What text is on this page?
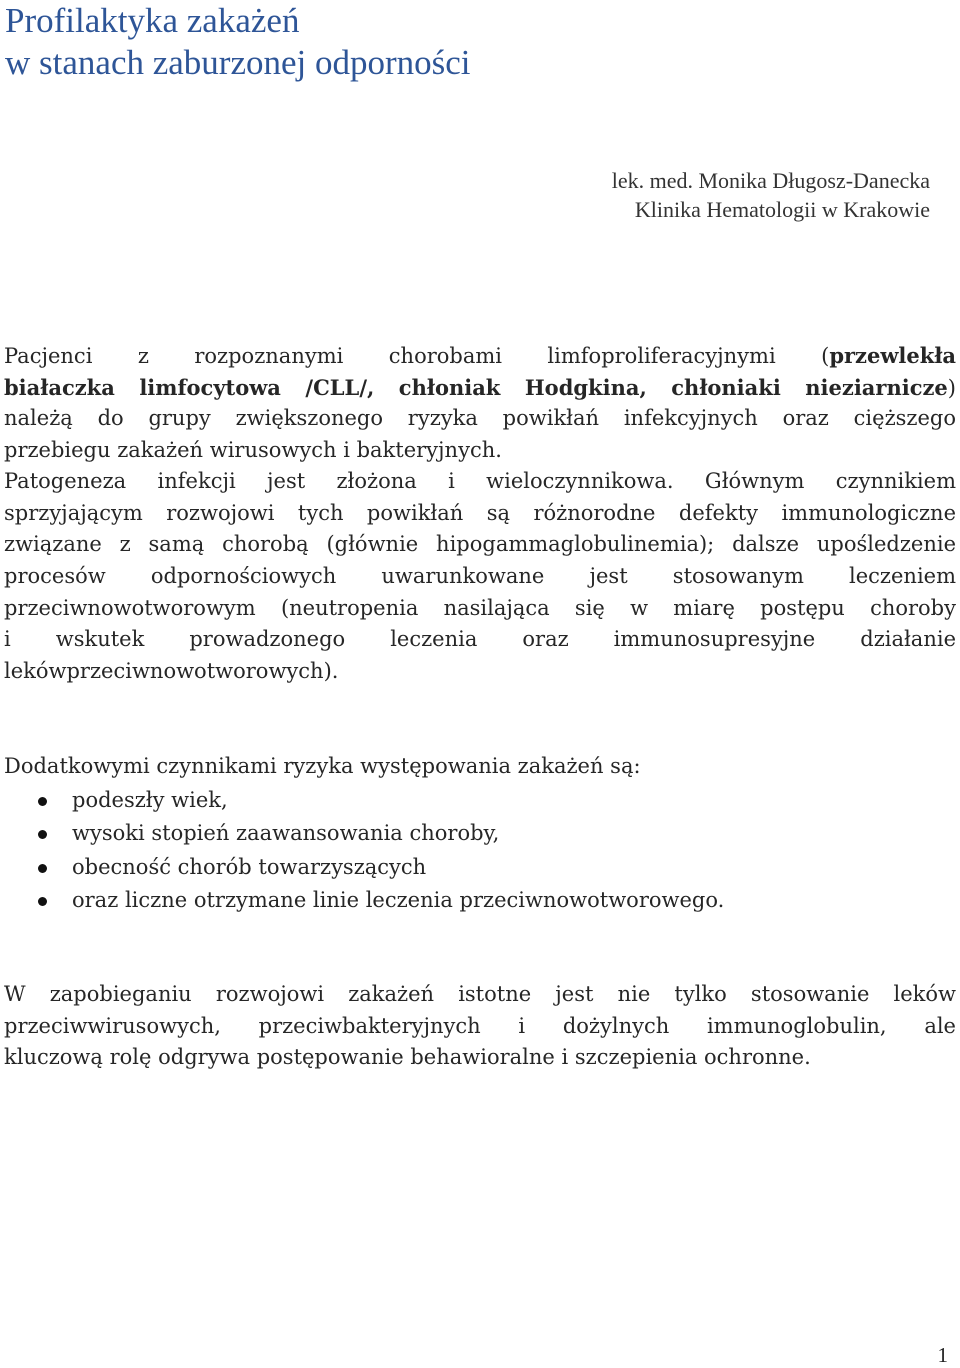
Profilaktyka zakażeń
w stanach zaburzonej odporności
lek. med. Monika Długosz-Danecka
Klinika Hematologii w Krakowie

Pacjenci z rozpoznanymi chorobami limfoproliferacyjnymi (przewlekła
białaczka limfocytowa /CLL/, chłoniak Hodgkina, chłoniaki nieziarnicze)
należą do grupy zwiększonego ryzyka powikłań infekcyjnych oraz cięższego
przebiegu zakażeń wirusowych i bakteryjnych.

Patogeneza infekcji jest złożona i wieloczynnikowa. Głównym czynnikiem
sprzyjającym rozwojowi tych powikłań są różnorodne defekty immunologiczne
związane z samą chorobą (głównie hipogammaglobulinemia); dalsze upośledzenie
procesów odpornościowych uwarunkowane jest stosowanym leczeniem
przeciwnowotworowym (neutropenia nasilająca się w miarę postępu choroby
i wskutek prowadzonego leczenia oraz immunosupresyjne działanie
lekówprzeciwnowotworowych).

Dodatkowymi czynnikami ryzyka występowania zakażeń są:

podeszły wiek,
wysoki stopień zaawansowania choroby,
obecność chorób towarzyszących
oraz liczne otrzymane linie leczenia przeciwnowotworowego.

W zapobieganiu rozwojowi zakażeń istotne jest nie tylko stosowanie leków
przeciwwirusowych, przeciwbakteryjnych i dożylnych immunoglobulin, ale
kluczową rolę odgrywa postępowanie behawioralne i szczepienia ochronne.

1
